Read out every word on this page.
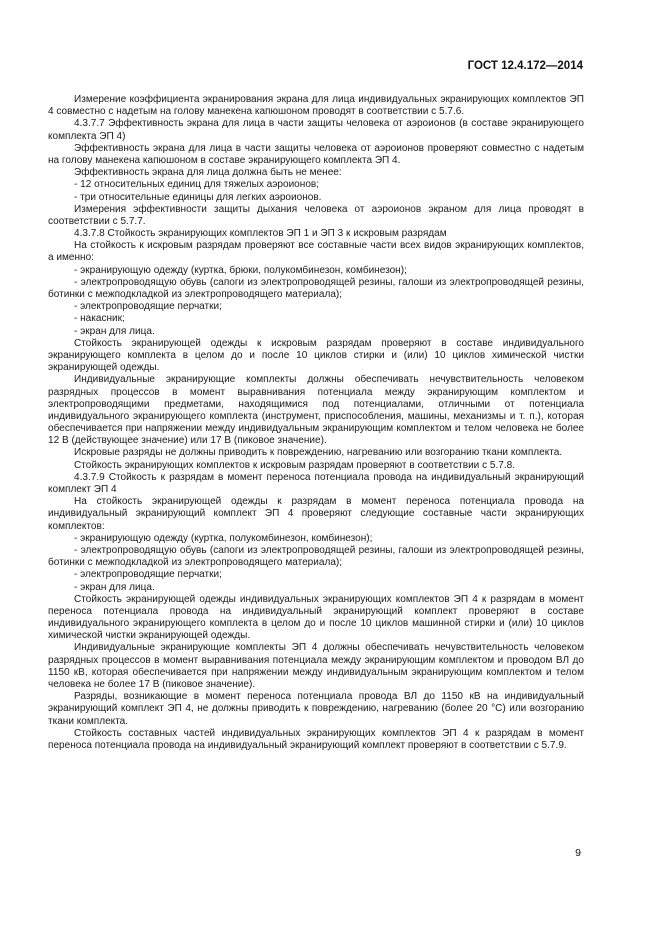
ГОСТ 12.4.172—2014

Измерение коэффициента экранирования экрана для лица индивидуальных экранирующих комплектов ЭП 4 совместно с надетым на голову манекена капюшоном проводят в соответствии с 5.7.6.

4.3.7.7 Эффективность экрана для лица в части защиты человека от аэроионов (в составе экранирующего комплекта ЭП 4)

Эффективность экрана для лица в части защиты человека от аэроионов проверяют совместно с надетым на голову манекена капюшоном в составе экранирующего комплекта ЭП 4.

Эффективность экрана для лица должна быть не менее:

- 12 относительных единиц для тяжелых аэроионов;

- три относительные единицы для легких аэроионов.

Измерения эффективности защиты дыхания человека от аэроионов экраном для лица проводят в соответствии с 5.7.7.

4.3.7.8 Стойкость экранирующих комплектов ЭП 1 и ЭП 3 к искровым разрядам

На стойкость к искровым разрядам проверяют все составные части всех видов экранирующих комплектов, а именно:

- экранирующую одежду (куртка, брюки, полукомбинезон, комбинезон);

- электропроводящую обувь (сапоги из электропроводящей резины, галоши из электропроводящей резины, ботинки с межподкладкой из электропроводящего материала);

- электропроводящие перчатки;

- накасник;

- экран для лица.

Стойкость экранирующей одежды к искровым разрядам проверяют в составе индивидуального экранирующего комплекта в целом до и после 10 циклов стирки и (или) 10 циклов химической чистки экранирующей одежды.

Индивидуальные экранирующие комплекты должны обеспечивать нечувствительность человеком разрядных процессов в момент выравнивания потенциала между экранирующим комплектом и электропроводящими предметами, находящимися под потенциалами, отличными от потенциала индивидуального экранирующего комплекта (инструмент, приспособления, машины, механизмы и т. п.), которая обеспечивается при напряжении между индивидуальным экранирующим комплектом и телом человека не более 12 В (действующее значение) или 17 В (пиковое значение).

Искровые разряды не должны приводить к повреждению, нагреванию или возгоранию ткани комплекта.

Стойкость экранирующих комплектов к искровым разрядам проверяют в соответствии с 5.7.8.

4.3.7.9 Стойкость к разрядам в момент переноса потенциала провода на индивидуальный экранирующий комплект ЭП 4

На стойкость экранирующей одежды к разрядам в момент переноса потенциала провода на индивидуальный экранирующий комплект ЭП 4 проверяют следующие составные части экранирующих комплектов:

- экранирующую одежду (куртка, полукомбинезон, комбинезон);

- электропроводящую обувь (сапоги из электропроводящей резины, галоши из электропроводящей резины, ботинки с межподкладкой из электропроводящего материала);

- электропроводящие перчатки;

- экран для лица.

Стойкость экранирующей одежды индивидуальных экранирующих комплектов ЭП 4 к разрядам в момент переноса потенциала провода на индивидуальный экранирующий комплект проверяют в составе индивидуального экранирующего комплекта в целом до и после 10 циклов машинной стирки и (или) 10 циклов химической чистки экранирующей одежды.

Индивидуальные экранирующие комплекты ЭП 4 должны обеспечивать нечувствительность человеком разрядных процессов в момент выравнивания потенциала между экранирующим комплектом и проводом ВЛ до 1150 кВ, которая обеспечивается при напряжении между индивидуальным экранирующим комплектом и телом человека не более 17 В (пиковое значение).

Разряды, возникающие в момент переноса потенциала провода ВЛ до 1150 кВ на индивидуальный экранирующий комплект ЭП 4, не должны приводить к повреждению, нагреванию (более 20 °С) или возгоранию ткани комплекта.

Стойкость составных частей индивидуальных экранирующих комплектов ЭП 4 к разрядам в момент переноса потенциала провода на индивидуальный экранирующий комплект проверяют в соответствии с 5.7.9.

9
